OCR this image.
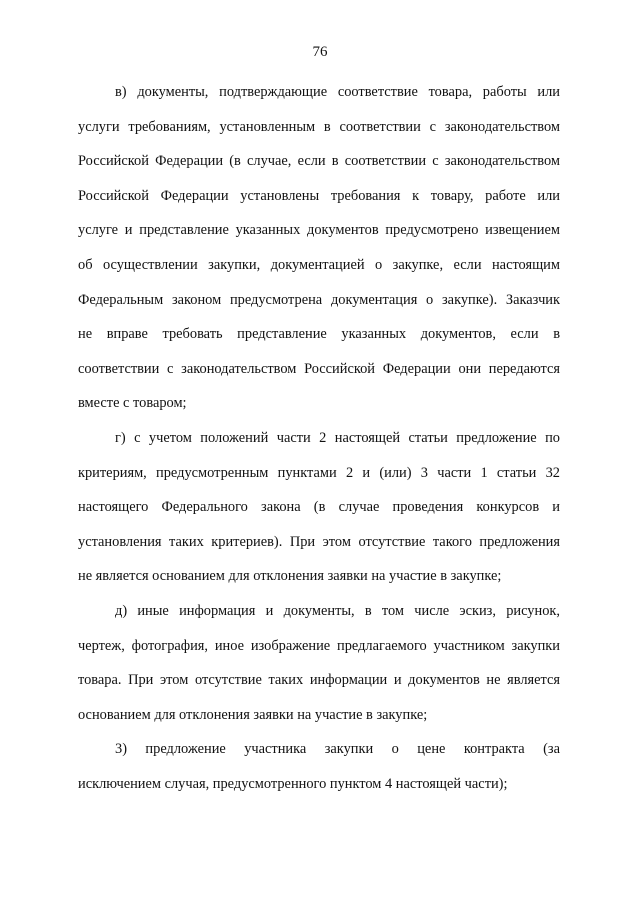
76
в) документы, подтверждающие соответствие товара, работы или
услуги требованиям, установленным в соответствии с законодательством
Российской Федерации (в случае, если в соответствии с законодательством
Российской Федерации установлены требования к товару, работе или
услуге и представление указанных документов предусмотрено извещением
об осуществлении закупки, документацией о закупке, если настоящим
Федеральным законом предусмотрена документация о закупке). Заказчик
не вправе требовать представление указанных документов, если в
соответствии с законодательством Российской Федерации они передаются
вместе с товаром;
г) с учетом положений части 2 настоящей статьи предложение по
критериям, предусмотренным пунктами 2 и (или) 3 части 1 статьи 32
настоящего Федерального закона (в случае проведения конкурсов и
установления таких критериев). При этом отсутствие такого предложения
не является основанием для отклонения заявки на участие в закупке;
д) иные информация и документы, в том числе эскиз, рисунок,
чертеж, фотография, иное изображение предлагаемого участником закупки
товара. При этом отсутствие таких информации и документов не является
основанием для отклонения заявки на участие в закупке;
3) предложение участника закупки о цене контракта (за
исключением случая, предусмотренного пунктом 4 настоящей части);
